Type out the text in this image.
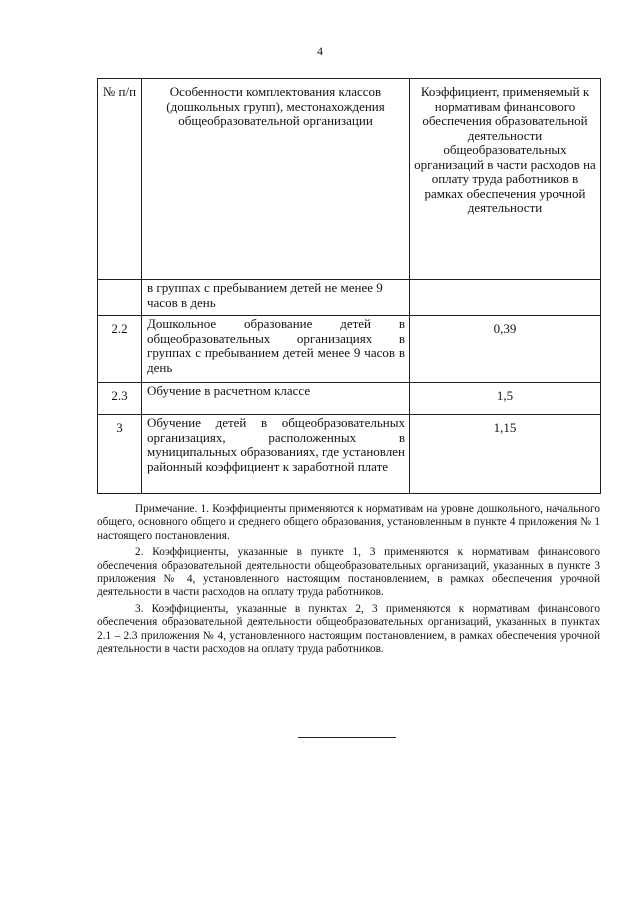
4
№ п/п	Особенности комплектования классов (дошкольных групп), местонахождения общеобразовательной организации	Коэффициент, применяемый к нормативам финансового обеспечения образовательной деятельности общеобразовательных организаций в части расходов на оплату труда работников в рамках обеспечения урочной деятельности
	в группах с пребыванием детей не менее 9 часов в день	
2.2	Дошкольное образование детей в общеобразовательных организациях в группах с пребыванием детей менее 9 часов в день	0,39
2.3	Обучение в расчетном классе	1,5
3	Обучение детей в общеобразовательных организациях, расположенных в муниципальных образованиях, где установлен районный коэффициент к заработной плате	1,15

Примечание. 1. Коэффициенты применяются к нормативам на уровне дошкольного, начального общего, основного общего и среднего общего образования, установленным в пункте 4 приложения № 1 настоящего постановления.

2. Коэффициенты, указанные в пункте 1, 3 применяются к нормативам финансового обеспечения образовательной деятельности общеобразовательных организаций, указанных в пункте 3 приложения № 4, установленного настоящим постановлением, в рамках обеспечения урочной деятельности в части расходов на оплату труда работников.

3. Коэффициенты, указанные в пунктах 2, 3 применяются к нормативам финансового обеспечения образовательной деятельности общеобразовательных организаций, указанных в пунктах 2.1 – 2.3 приложения № 4, установленного настоящим постановлением, в рамках обеспечения урочной деятельности в части расходов на оплату труда работников.
